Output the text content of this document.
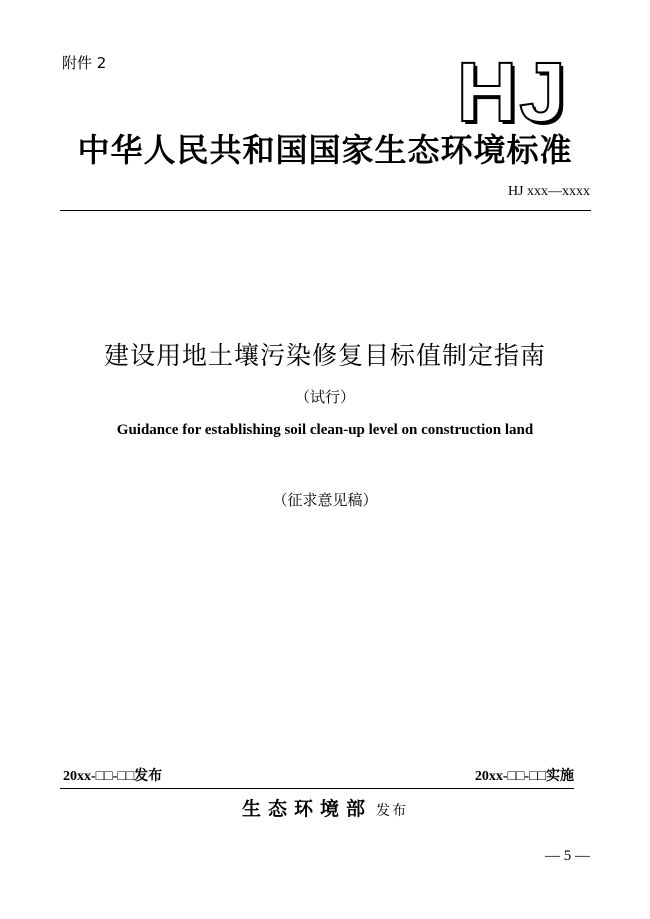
附件 2	HJ
中华人民共和国国家生态环境标准
HJ xxx—xxxx
建设用地土壤污染修复目标值制定指南
（试行）
Guidance for establishing soil clean-up level on construction land
（征求意见稿）
20xx-□□-□□发布	20xx-□□-□□实施
生态环境部 发布
— 5 —
